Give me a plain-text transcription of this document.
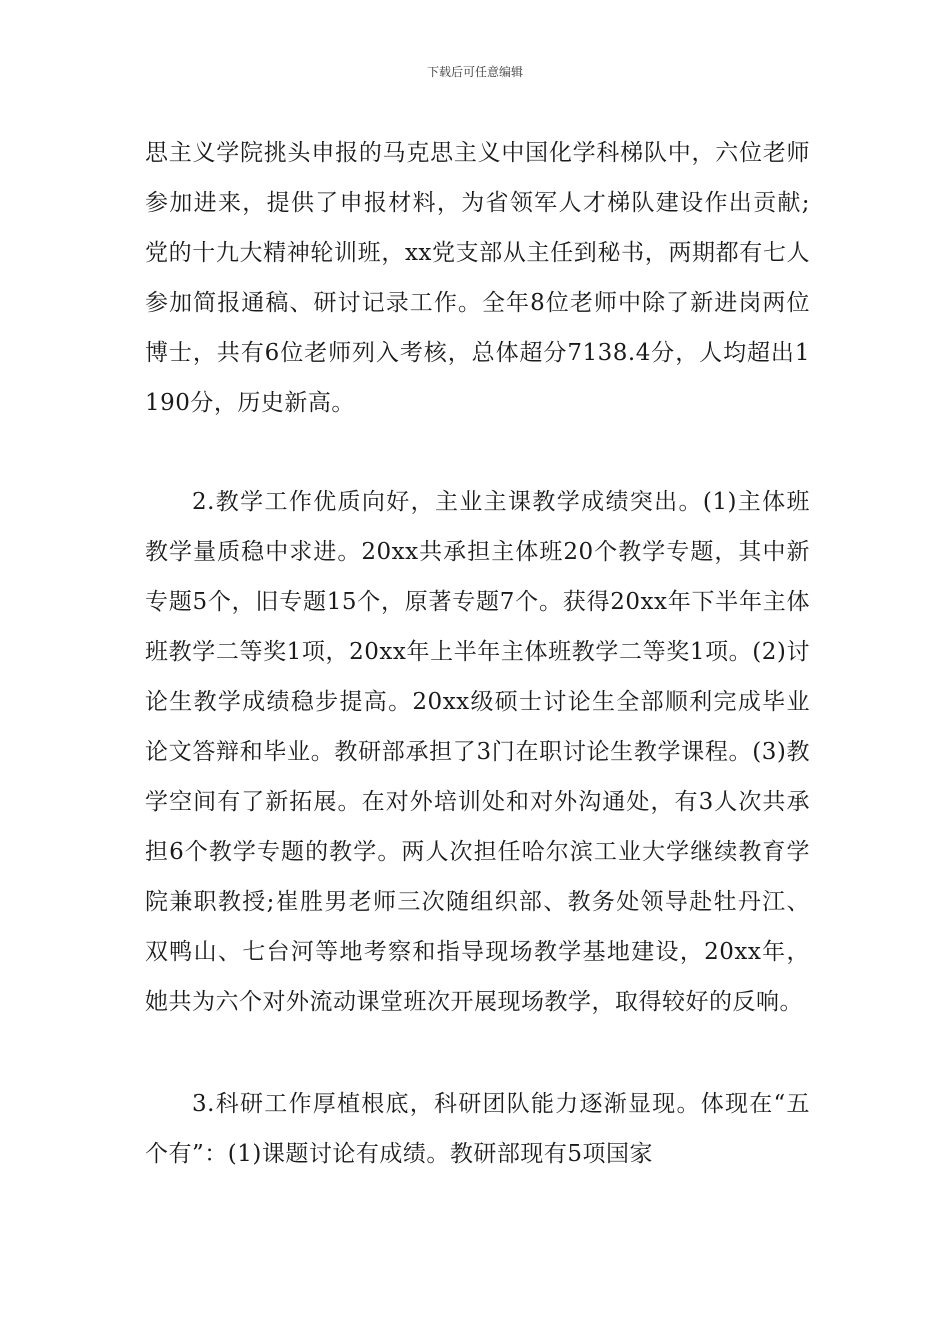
下载后可任意编辑

思主义学院挑头申报的马克思主义中国化学科梯队中，六位老师参加进来，提供了申报材料，为省领军人才梯队建设作出贡献;党的十九大精神轮训班，xx党支部从主任到秘书，两期都有七人参加简报通稿、研讨记录工作。全年8位老师中除了新进岗两位博士，共有6位老师列入考核，总体超分7138.4分，人均超出1190分，历史新高。

2.教学工作优质向好，主业主课教学成绩突出。(1)主体班教学量质稳中求进。20xx共承担主体班20个教学专题，其中新专题5个，旧专题15个，原著专题7个。获得20xx年下半年主体班教学二等奖1项，20xx年上半年主体班教学二等奖1项。(2)讨论生教学成绩稳步提高。20xx级硕士讨论生全部顺利完成毕业论文答辩和毕业。教研部承担了3门在职讨论生教学课程。(3)教学空间有了新拓展。在对外培训处和对外沟通处，有3人次共承担6个教学专题的教学。两人次担任哈尔滨工业大学继续教育学院兼职教授;崔胜男老师三次随组织部、教务处领导赴牡丹江、双鸭山、七台河等地考察和指导现场教学基地建设，20xx年，她共为六个对外流动课堂班次开展现场教学，取得较好的反响。

3.科研工作厚植根底，科研团队能力逐渐显现。体现在“五个有”：(1)课题讨论有成绩。教研部现有5项国家
